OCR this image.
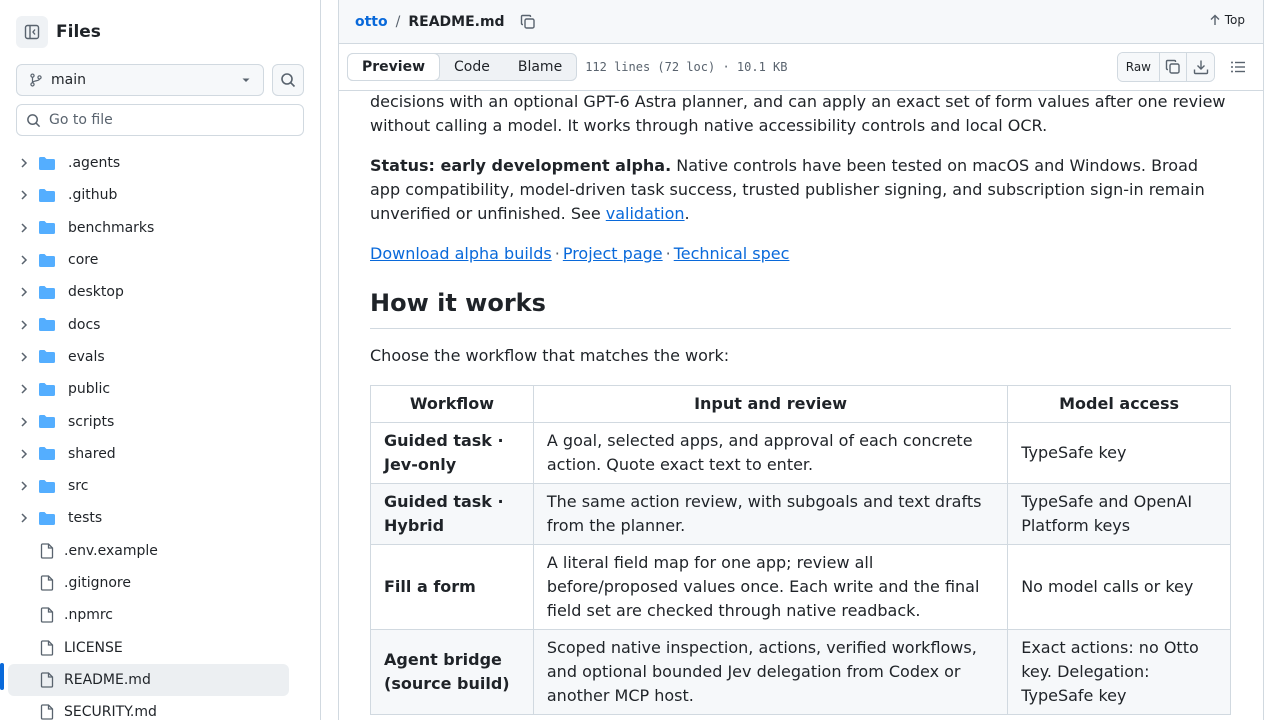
Files
main
Go to file
.agents
.github
benchmarks
core
desktop
docs
evals
public
scripts
shared
src
tests
.env.example
.gitignore
.npmrc
LICENSE
README.md
SECURITY.md
otto / README.md	Top
Preview	Code	Blame	112 lines (72 loc) · 10.1 KB	Raw

decisions with an optional GPT-6 Astra planner, and can apply an exact set of form values after one review without calling a model. It works through native accessibility controls and local OCR.

Status: early development alpha. Native controls have been tested on macOS and Windows. Broad app compatibility, model-driven task success, trusted publisher signing, and subscription sign-in remain unverified or unfinished. See validation.

Download alpha builds · Project page · Technical spec
How it works

Choose the workflow that matches the work:

Workflow	Input and review	Model access
Guided task · Jev-only	A goal, selected apps, and approval of each concrete action. Quote exact text to enter.	TypeSafe key
Guided task · Hybrid	The same action review, with subgoals and text drafts from the planner.	TypeSafe and OpenAI Platform keys
Fill a form	A literal field map for one app; review all before/proposed values once. Each write and the final field set are checked through native readback.	No model calls or key
Agent bridge (source build)	Scoped native inspection, actions, verified workflows, and optional bounded Jev delegation from Codex or another MCP host.	Exact actions: no Otto key. Delegation: TypeSafe key
